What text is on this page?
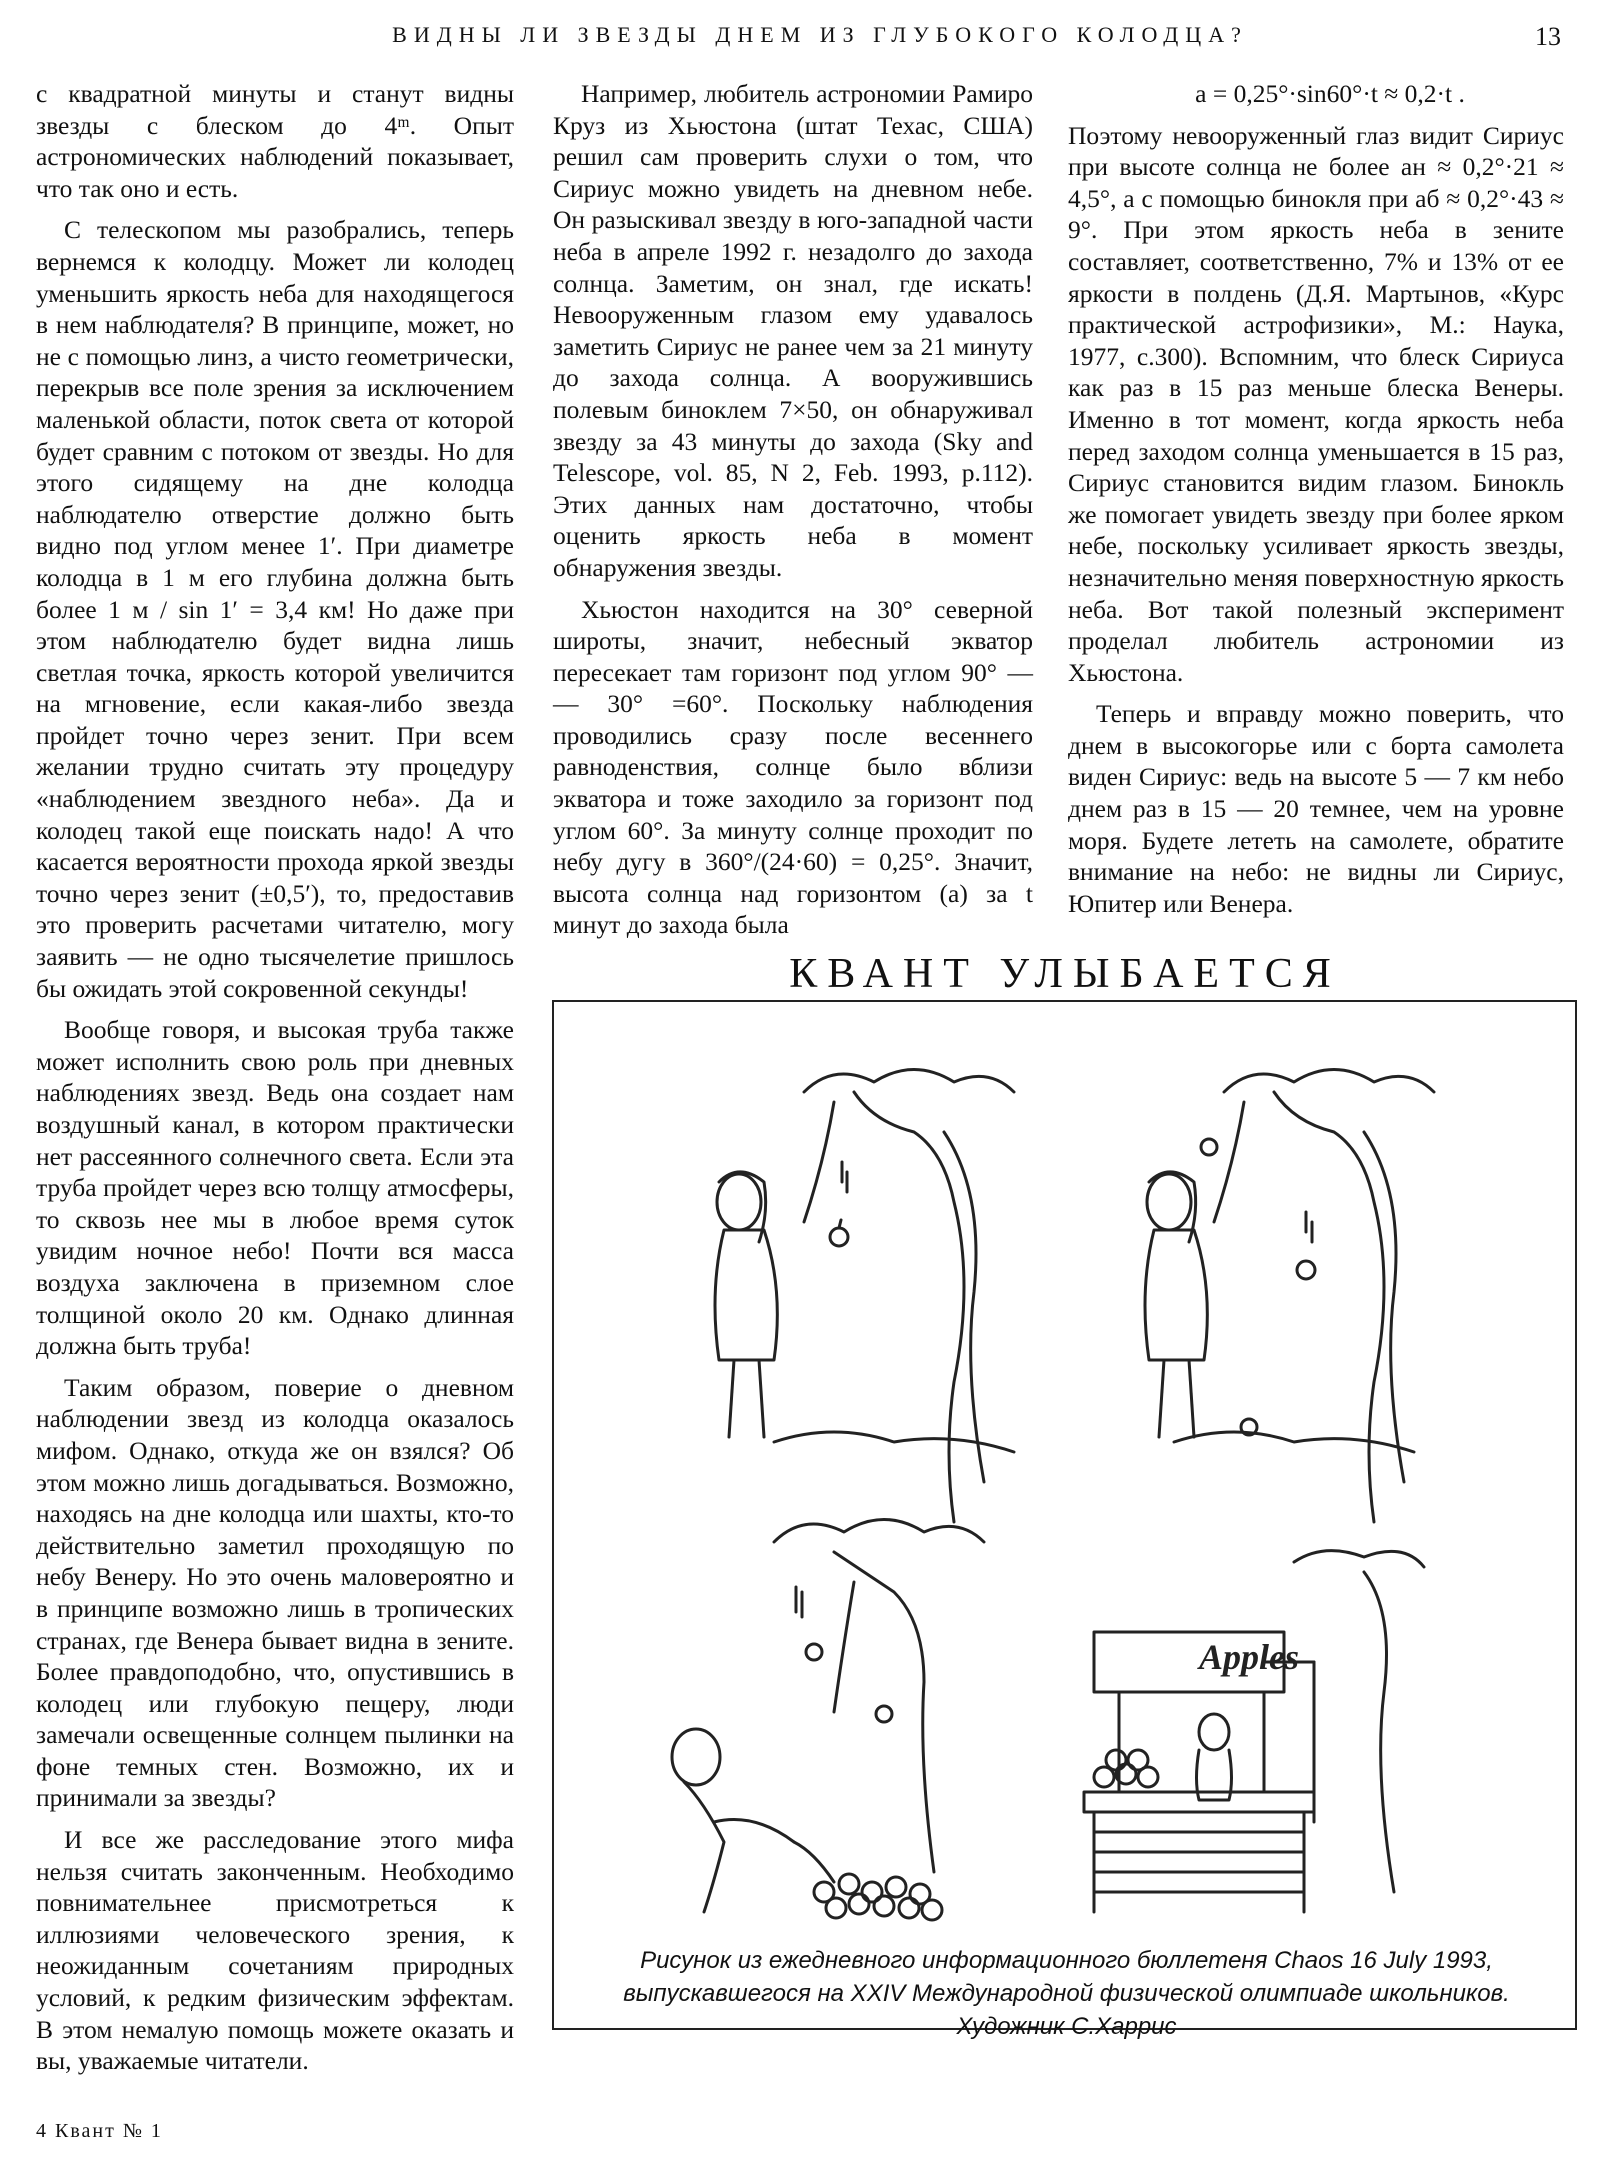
ВИДНЫ ЛИ ЗВЕЗДЫ ДНЕМ ИЗ ГЛУБОКОГО КОЛОДЦА?	13

с квадратной минуты и станут видны звезды с блеском до 4ᵐ. Опыт астрономических наблюдений показывает, что так оно и есть.

С телескопом мы разобрались, теперь вернемся к колодцу. Может ли колодец уменьшить яркость неба для находящегося в нем наблюдателя? В принципе, может, но не с помощью линз, а чисто геометрически, перекрыв все поле зрения за исключением маленькой области, поток света от которой будет сравним с потоком от звезды. Но для этого сидящему на дне колодца наблюдателю отверстие должно быть видно под углом менее 1′. При диаметре колодца в 1 м его глубина должна быть более 1 м / sin 1′ = 3,4 км! Но даже при этом наблюдателю будет видна лишь светлая точка, яркость которой увеличится на мгновение, если какая-либо звезда пройдет точно через зенит. При всем желании трудно считать эту процедуру «наблюдением звездного неба». Да и колодец такой еще поискать надо! А что касается вероятности прохода яркой звезды точно через зенит (±0,5′), то, предоставив это проверить расчетами читателю, могу заявить — не одно тысячелетие пришлось бы ожидать этой сокровенной секунды!

Вообще говоря, и высокая труба также может исполнить свою роль при дневных наблюдениях звезд. Ведь она создает нам воздушный канал, в котором практически нет рассеянного солнечного света. Если эта труба пройдет через всю толщу атмосферы, то сквозь нее мы в любое время суток увидим ночное небо! Почти вся масса воздуха заключена в приземном слое толщиной около 20 км. Однако длинная должна быть труба!

Таким образом, поверие о дневном наблюдении звезд из колодца оказалось мифом. Однако, откуда же он взялся? Об этом можно лишь догадываться. Возможно, находясь на дне колодца или шахты, кто-то действительно заметил проходящую по небу Венеру. Но это очень маловероятно и в принципе возможно лишь в тропических странах, где Венера бывает видна в зените. Более правдоподобно, что, опустившись в колодец или глубокую пещеру, люди замечали освещенные солнцем пылинки на фоне темных стен. Возможно, их и принимали за звезды?

И все же расследование этого мифа нельзя считать законченным. Необходимо повнимательнее присмотреться к иллюзиями человеческого зрения, к неожиданным сочетаниям природных условий, к редким физическим эффектам. В этом немалую помощь можете оказать и вы, уважаемые читатели.

Например, любитель астрономии Рамиро Круз из Хьюстона (штат Техас, США) решил сам проверить слухи о том, что Сириус можно увидеть на дневном небе. Он разыскивал звезду в юго-западной части неба в апреле 1992 г. незадолго до захода солнца. Заметим, он знал, где искать! Невооруженным глазом ему удавалось заметить Сириус не ранее чем за 21 минуту до захода солнца. А вооружившись полевым биноклем 7×50, он обнаруживал звезду за 43 минуты до захода (Sky and Telescope, vol. 85, N 2, Feb. 1993, p.112). Этих данных нам достаточно, чтобы оценить яркость неба в момент обнаружения звезды.

Хьюстон находится на 30° северной широты, значит, небесный экватор пересекает там горизонт под углом 90° — — 30° =60°. Поскольку наблюдения проводились сразу после весеннего равноденствия, солнце было вблизи экватора и тоже заходило за горизонт под углом 60°. За минуту солнце проходит по небу дугу в 360°/(24·60) = 0,25°. Значит, высота солнца над горизонтом (a) за t минут до захода была

a = 0,25°·sin60°·t ≈ 0,2·t .

Поэтому невооруженный глаз видит Сириус при высоте солнца не более aн ≈ 0,2°·21 ≈ 4,5°, а с помощью бинокля при aб ≈ 0,2°·43 ≈ 9°. При этом яркость неба в зените составляет, соответственно, 7% и 13% от ее яркости в полдень (Д.Я. Мартынов, «Курс практической астрофизики», М.: Наука, 1977, с.300). Вспомним, что блеск Сириуса как раз в 15 раз меньше блеска Венеры. Именно в тот момент, когда яркость неба перед заходом солнца уменьшается в 15 раз, Сириус становится видим глазом. Бинокль же помогает увидеть звезду при более ярком небе, поскольку усиливает яркость звезды, незначительно меняя поверхностную яркость неба. Вот такой полезный эксперимент проделал любитель астрономии из Хьюстона.

Теперь и вправду можно поверить, что днем в высокогорье или с борта самолета виден Сириус: ведь на высоте 5 — 7 км небо днем раз в 15 — 20 темнее, чем на уровне моря. Будете лететь на самолете, обратите внимание на небо: не видны ли Сириус, Юпитер или Венера.

КВАНТ УЛЫБАЕТСЯ
Apples
Рисунок из ежедневного информационного бюллетеня Chaos 16 July 1993, выпускавшегося на XXIV Международной физической олимпиаде школьников. Художник С.Харрис
4 Квант № 1
